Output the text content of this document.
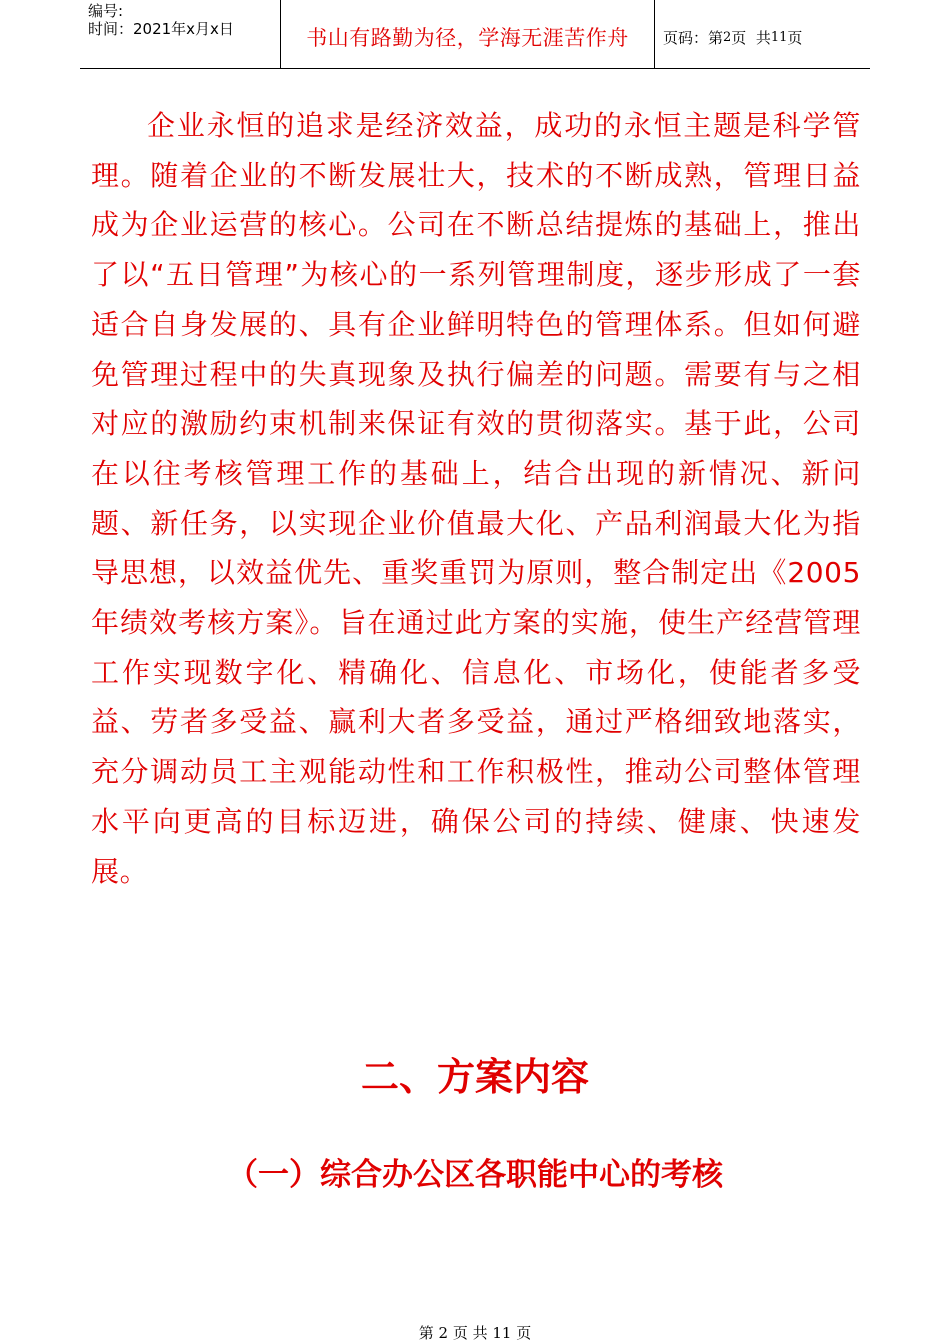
编号:
时间：2021年x月x日	书山有路勤为径，学海无涯苦作舟 页码：第 2 页  共 11 页

企业永恒的追求是经济效益，成功的永恒主题是科学管理。随着企业的不断发展壮大，技术的不断成熟，管理日益成为企业运营的核心。公司在不断总结提炼的基础上，推出了以“五日管理”为核心的一系列管理制度，逐步形成了一套适合自身发展的、具有企业鲜明特色的管理体系。但如何避免管理过程中的失真现象及执行偏差的问题。需要有与之相对应的激励约束机制来保证有效的贯彻落实。基于此，公司在以往考核管理工作的基础上，结合出现的新情况、新问题、新任务，以实现企业价值最大化、产品利润最大化为指导思想，以效益优先、重奖重罚为原则，整合制定出《2005年绩效考核方案》。旨在通过此方案的实施，使生产经营管理工作实现数字化、精确化、信息化、市场化，使能者多受益、劳者多受益、赢利大者多受益，通过严格细致地落实，充分调动员工主观能动性和工作积极性，推动公司整体管理水平向更高的目标迈进，确保公司的持续、健康、快速发展。

二、方案内容
（一）综合办公区各职能中心的考核
第 2 页 共 11 页
